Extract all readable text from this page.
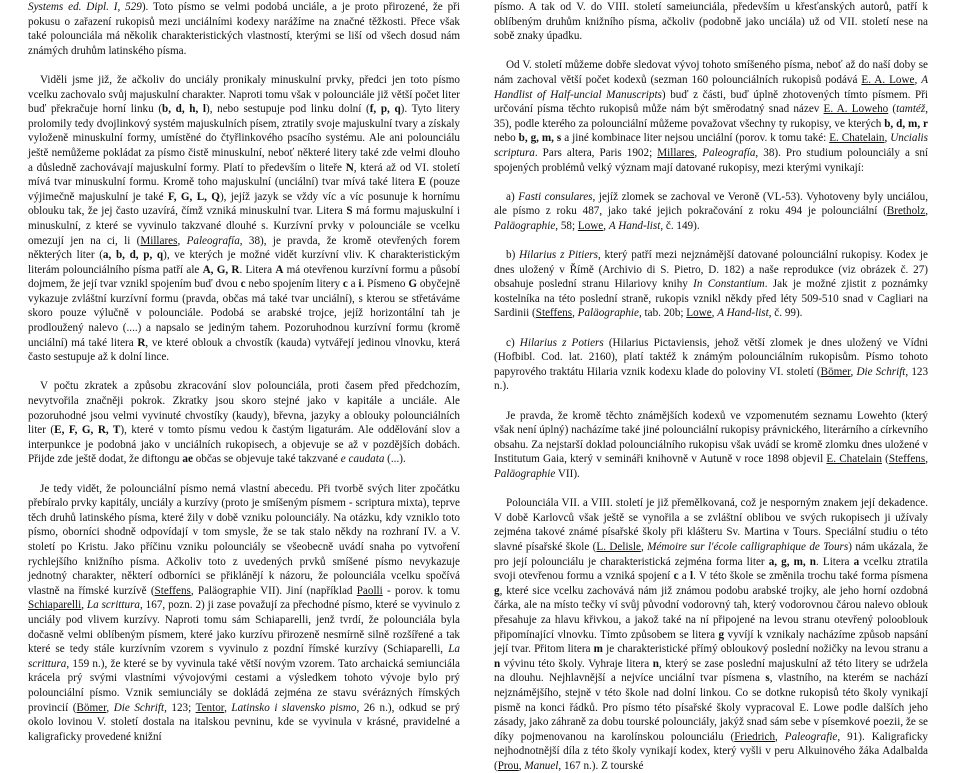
Systems ed. Dipl. I, 529). Toto písmo se velmi podobá unciále, a je proto přirozené, že při pokusu o zařazení rukopisů mezi unciálními kodexy narážíme na značné těžkosti. Přece však také polounciála má několik charakteristických vlastností, kterými se liší od všech dosud nám známých druhům latinského písma.

Viděli jsme již, že ačkoliv do unciály pronikaly minuskulní prvky, předci jen toto písmo vcelku zachovalo svůj majuskulní charakter. Naproti tomu však v polounciále již větší počet liter buď překračuje horní linku (b, d, h, l), nebo sestupuje pod linku dolní (f, p, q). Tyto litery prolomily tedy dvojlinkový systém majuskulních písem, ztratily svoje majuskulní tvary a získaly vyloženě minuskulní formy, umístěné do čtyřlinkového psacího systému. Ale ani polounciálu ještě nemůžeme pokládat za písmo čistě minuskulní, neboť některé litery také zde velmi dlouho a důsledně zachovávají majuskulní formy. Platí to především o liteře N, která až od VI. století mívá tvar minuskulní formu. Kromě toho majuskulní (unciální) tvar mívá také litera E (pouze výjimečně majuskulní je také F, G, L, Q), jejíž jazyk se vždy víc a víc posunuje k hornímu oblouku tak, že jej často uzavírá, čímž vzniká minuskulní tvar. Litera S má formu majuskulní i minuskulní, z které se vyvinulo takzvané dlouhé s. Kurzívní prvky v polounciále se vcelku omezují jen na ci, li (Millares, Paleografía, 38), je pravda, že kromě otevřených forem některých liter (a, b, d, p, q), ve kterých je možné vidět kurzívní vliv. K charakteristickým literám polounciálního písma patří ale A, G, R. Litera A má otevřenou kurzívní formu a působí dojmem, že její tvar vznikl spojením buď dvou c nebo spojením litery c a i. Písmeno G obyčejně vykazuje zvláštní kurzívní formu (pravda, občas má také tvar unciální), s kterou se střetáváme skoro pouze výlučně v polounciále. Podobá se arabské trojce, jejíž horizontální tah je prodloužený nalevo (....) a napsalo se jediným tahem. Pozoruhodnou kurzívní formu (kromě unciální) má také litera R, ve které oblouk a chvostík (kauda) vytvářejí jedinou vlnovku, která často sestupuje až k dolní lince.

V počtu zkratek a způsobu zkracování slov polounciála, proti časem před předchozím, nevytvořila značněji pokrok. Zkratky jsou skoro stejné jako v kapitále a unciále. Ale pozoruhodné jsou velmi vyvinuté chvostíky (kaudy), břevna, jazyky a oblouky polounciálních liter (E, F, G, R, T), které v tomto písmu vedou k častým ligaturám. Ale oddělování slov a interpunkce je podobná jako v unciálních rukopisech, a objevuje se až v pozdějších dobách. Přijde zde ještě dodat, že diftongu ae občas se objevuje také takzvané e caudata (...).

Je tedy vidět, že polounciální písmo nemá vlastní abecedu. Při tvorbě svých liter zpočátku přebíralo prvky kapitály, unciály a kurzívy (proto je smíšeným písmem - scriptura mixta), teprve těch druhů latinského písma, které žily v době vzniku polounciály. Na otázku, kdy vzniklo toto písmo, oborníci shodně odpovídají v tom smysle, že se tak stalo někdy na rozhraní IV. a V. století po Kristu. Jako příčinu vzniku polounciály se všeobecně uvádí snaha po vytvoření rychlejšího knižního písma. Ačkoliv toto z uvedených prvků smíšené písmo nevykazuje jednotný charakter, některí odborníci se přiklánějí k názoru, že polounciála vcelku spočívá vlastně na římské kurzívě (Steffens, Paläographie VII). Jiní (například Paolli - porov. k tomu Schiaparelli, La scrittura, 167, pozn. 2) ji zase považují za přechodné písmo, které se vyvinulo z unciály pod vlivem kurzívy. Naproti tomu sám Schiaparelli, jenž tvrdí, že polounciála byla dočasně velmi oblíbeným písmem, které jako kurzívu přirozeně nesmírně silně rozšířené a tak které se tedy stále kurzívním vzorem s vyvinulo z pozdní římské kurzívy (Schiaparelli, La scrittura, 159 n.), že které se by vyvinula také větší novým vzorem. Tato archaická semiunciála krácela prý svými vlastními vývojovými cestami a výsledkem tohoto vývoje bylo prý polounciální písmo. Vznik semiunciály se dokládá zejména ze stavu svérázných římských provincií (Bömer, Die Schrift, 123; Tentor, Latinsko i slavensko pismo, 26 n.), odkud se prý okolo lovinou V. století dostala na italskou pevninu, kde se vyvinula v krásné, pravidelné a kaligraficky provedené knižní

písmo. A tak od V. do VIII. století sameiunciála, především u křesťanských autorů, patří k oblíbeným druhům knižního písma, ačkoliv (podobně jako unciála) už od VII. století nese na sobě znaky úpadku.

Od V. století můžeme dobře sledovat vývoj tohoto smíšeného písma, neboť až do naší doby se nám zachoval větší počet kodexů (sezman 160 polounciálních rukopisů podává E. A. Lowe, A Handlist of Half-uncial Manuscripts) buď z části, buď úplně zhotovených tímto písmem. Při určování písma těchto rukopisů může nám být směrodatný snad název E. A. Loweho (tamtéž, 35), podle kterého za polounciální můžeme považovat všechny ty rukopisy, ve kterých b, d, m, r nebo b, g, m, s a jiné kombinace liter nejsou unciální (porov. k tomu také: E. Chatelain, Uncialis scriptura. Pars altera, Paris 1902; Millares, Paleografía, 38). Pro studium polounciály a sní spojených problémů velký význam mají datované rukopisy, mezi kterými vynikají:

a) Fasti consulares, jejíž zlomek se zachoval ve Veroně (VL-53). Vyhotoveny byly unciálou, ale písmo z roku 487, jako také jejich pokračování z roku 494 je polounciální (Bretholz, Paläographie, 58; Lowe, A Hand-list, č. 149).

b) Hilarius z Pitiers, který patří mezi nejznámější datované polounciální rukopisy. Kodex je dnes uložený v Římě (Archivio di S. Pietro, D. 182) a naše reprodukce (viz obrázek č. 27) obsahuje poslední stranu Hilariovy knihy In Constantium. Jak je možné zjistit z poznámky kostelníka na této poslední straně, rukopis vznikl někdy před léty 509-510 snad v Cagliari na Sardinii (Steffens, Paläographie, tab. 20b; Lowe, A Hand-list, č. 99).

c) Hilarius z Potiers (Hilarius Pictaviensis, jehož větší zlomek je dnes uložený ve Vídni (Hofbibl. Cod. lat. 2160), platí taktéž k známým polounciálním rukopisům. Písmo tohoto papyrového traktátu Hilaria vznik kodexu klade do poloviny VI. století (Bömer, Die Schrift, 123 n.).

Je pravda, že kromě těchto známějších kodexů ve vzpomenutém seznamu Lowehto (který však není úplný) nacházíme také jiné polounciální rukopisy právnického, literárního a církevního obsahu. Za nejstarší doklad polounciálního rukopisu však uvádí se kromě zlomku dnes uložené v Institutum Gaia, který v semináři knihovně v Autuně v roce 1898 objevil E. Chatelain (Steffens, Paläographie VII).

Polounciála VII. a VIII. století je již přemělkovaná, což je nesporným znakem její dekadence. V době Karlovců však ještě se vynořila a se zvláštní oblibou ve svých rukopisech ji užívaly zejména takové známé písařské školy při klášteru Sv. Martina v Tours. Speciální studiu o této slavné písařské škole (L. Delisle, Mémoire sur l'école calligraphique de Tours) nám ukázala, že pro její polounciálu je charakteristická zejména forma liter a, g, m, n. Litera a vcelku ztratila svoji otevřenou formu a vzniká spojení c a l. V této škole se změnila trochu také forma písmena g, které sice vcelku zachovává nám již známou podobu arabské trojky, ale jeho horní ozdobná čárka, ale na místo tečky ví svůj původní vodorovný tah, který vodorovnou čárou nalevo oblouk přesahuje za hlavu křivkou, a jakož také na ní připojené na levou stranu otevřený polooblouk připomínající vlnovku. Tímto způsobem se litera g vyvíjí k vznikaly nacházíme způsob napsání její tvar. Přitom litera m je charakteristické přímý obloukový poslední nožičky na levou stranu a n vývinu této školy. Vyhraje litera n, který se zase poslední majuskulní až této litery se udržela na dlouhu. Nejhlavnější a nejvíce unciální tvar písmena s, vlastního, na kterém se nachází nejznámějšího, stejně v této škole nad dolní linkou. Co se dotkne rukopisů této školy vynikají pismě na konci řádků. Pro písmo této písařské školy vypracoval E. Lowe podle dalších jeho zásady, jako záhraně za dobu tourské polounciály, jakýž snad sám sebe v písemkové poezii, že se díky pojmenovanou na karolínskou polounciálu (Friedrich, Paleografie, 91). Kaligraficky nejhodnotnější díla z této školy vynikají kodex, který vyšli v peru Alkuinového žáka Adalbalda (Prou, Manuel, 167 n.). Z tourské
